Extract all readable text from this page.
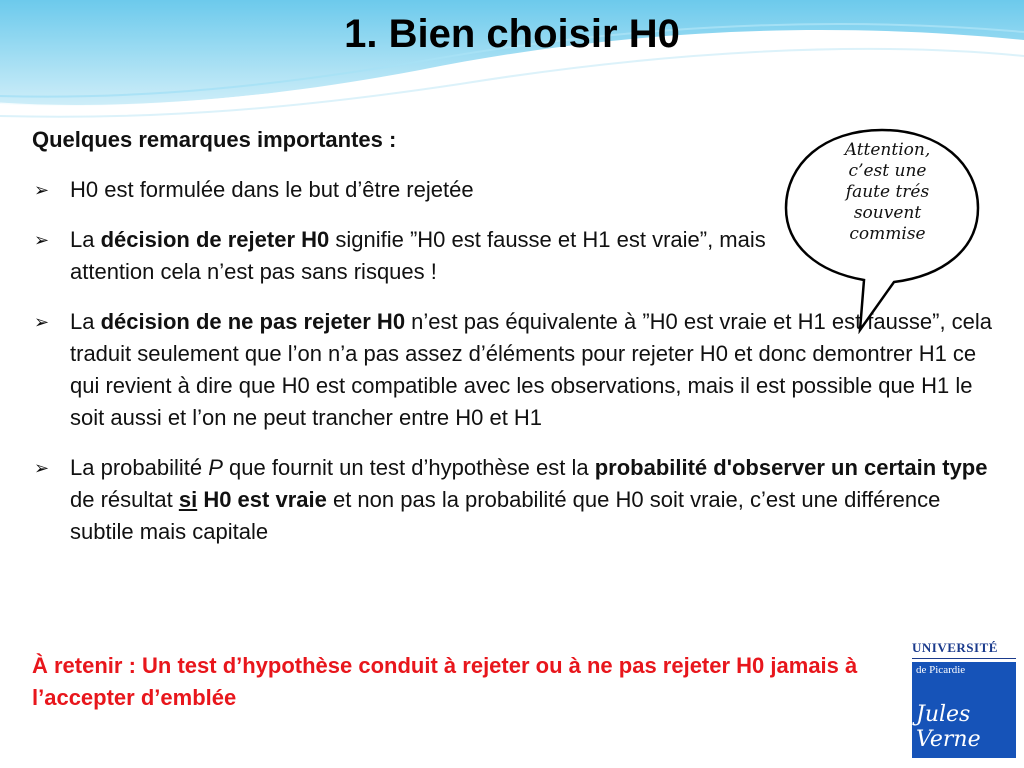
1. Bien choisir H0
Quelques remarques importantes :
➢ H0 est formulée dans le but d’être rejetée
➢ La décision de rejeter H0 signifie ”H0 est fausse et H1 est vraie”, mais attention cela n’est pas sans risques !
➢ La décision de ne pas rejeter H0 n’est pas équivalente à ”H0 est vraie et H1 est fausse”, cela traduit seulement que l’on n’a pas assez d’éléments pour rejeter H0 et donc demontrer H1 ce qui revient à dire que H0 est compatible avec les observations, mais il est possible que H1 le soit aussi et l’on ne peut trancher entre H0 et H1
➢ La probabilité P que fournit un test d’hypothèse est la probabilité d'observer un certain type de résultat si H0 est vraie et non pas la probabilité que H0 soit vraie, c’est une différence subtile mais capitale
À retenir : Un test d’hypothèse conduit à rejeter ou à ne pas rejeter H0 jamais à l’accepter d’emblée
Attention,
c’est une
faute trés
souvent
commise
UNIVERSITÉ
de Picardie
Jules Verne
